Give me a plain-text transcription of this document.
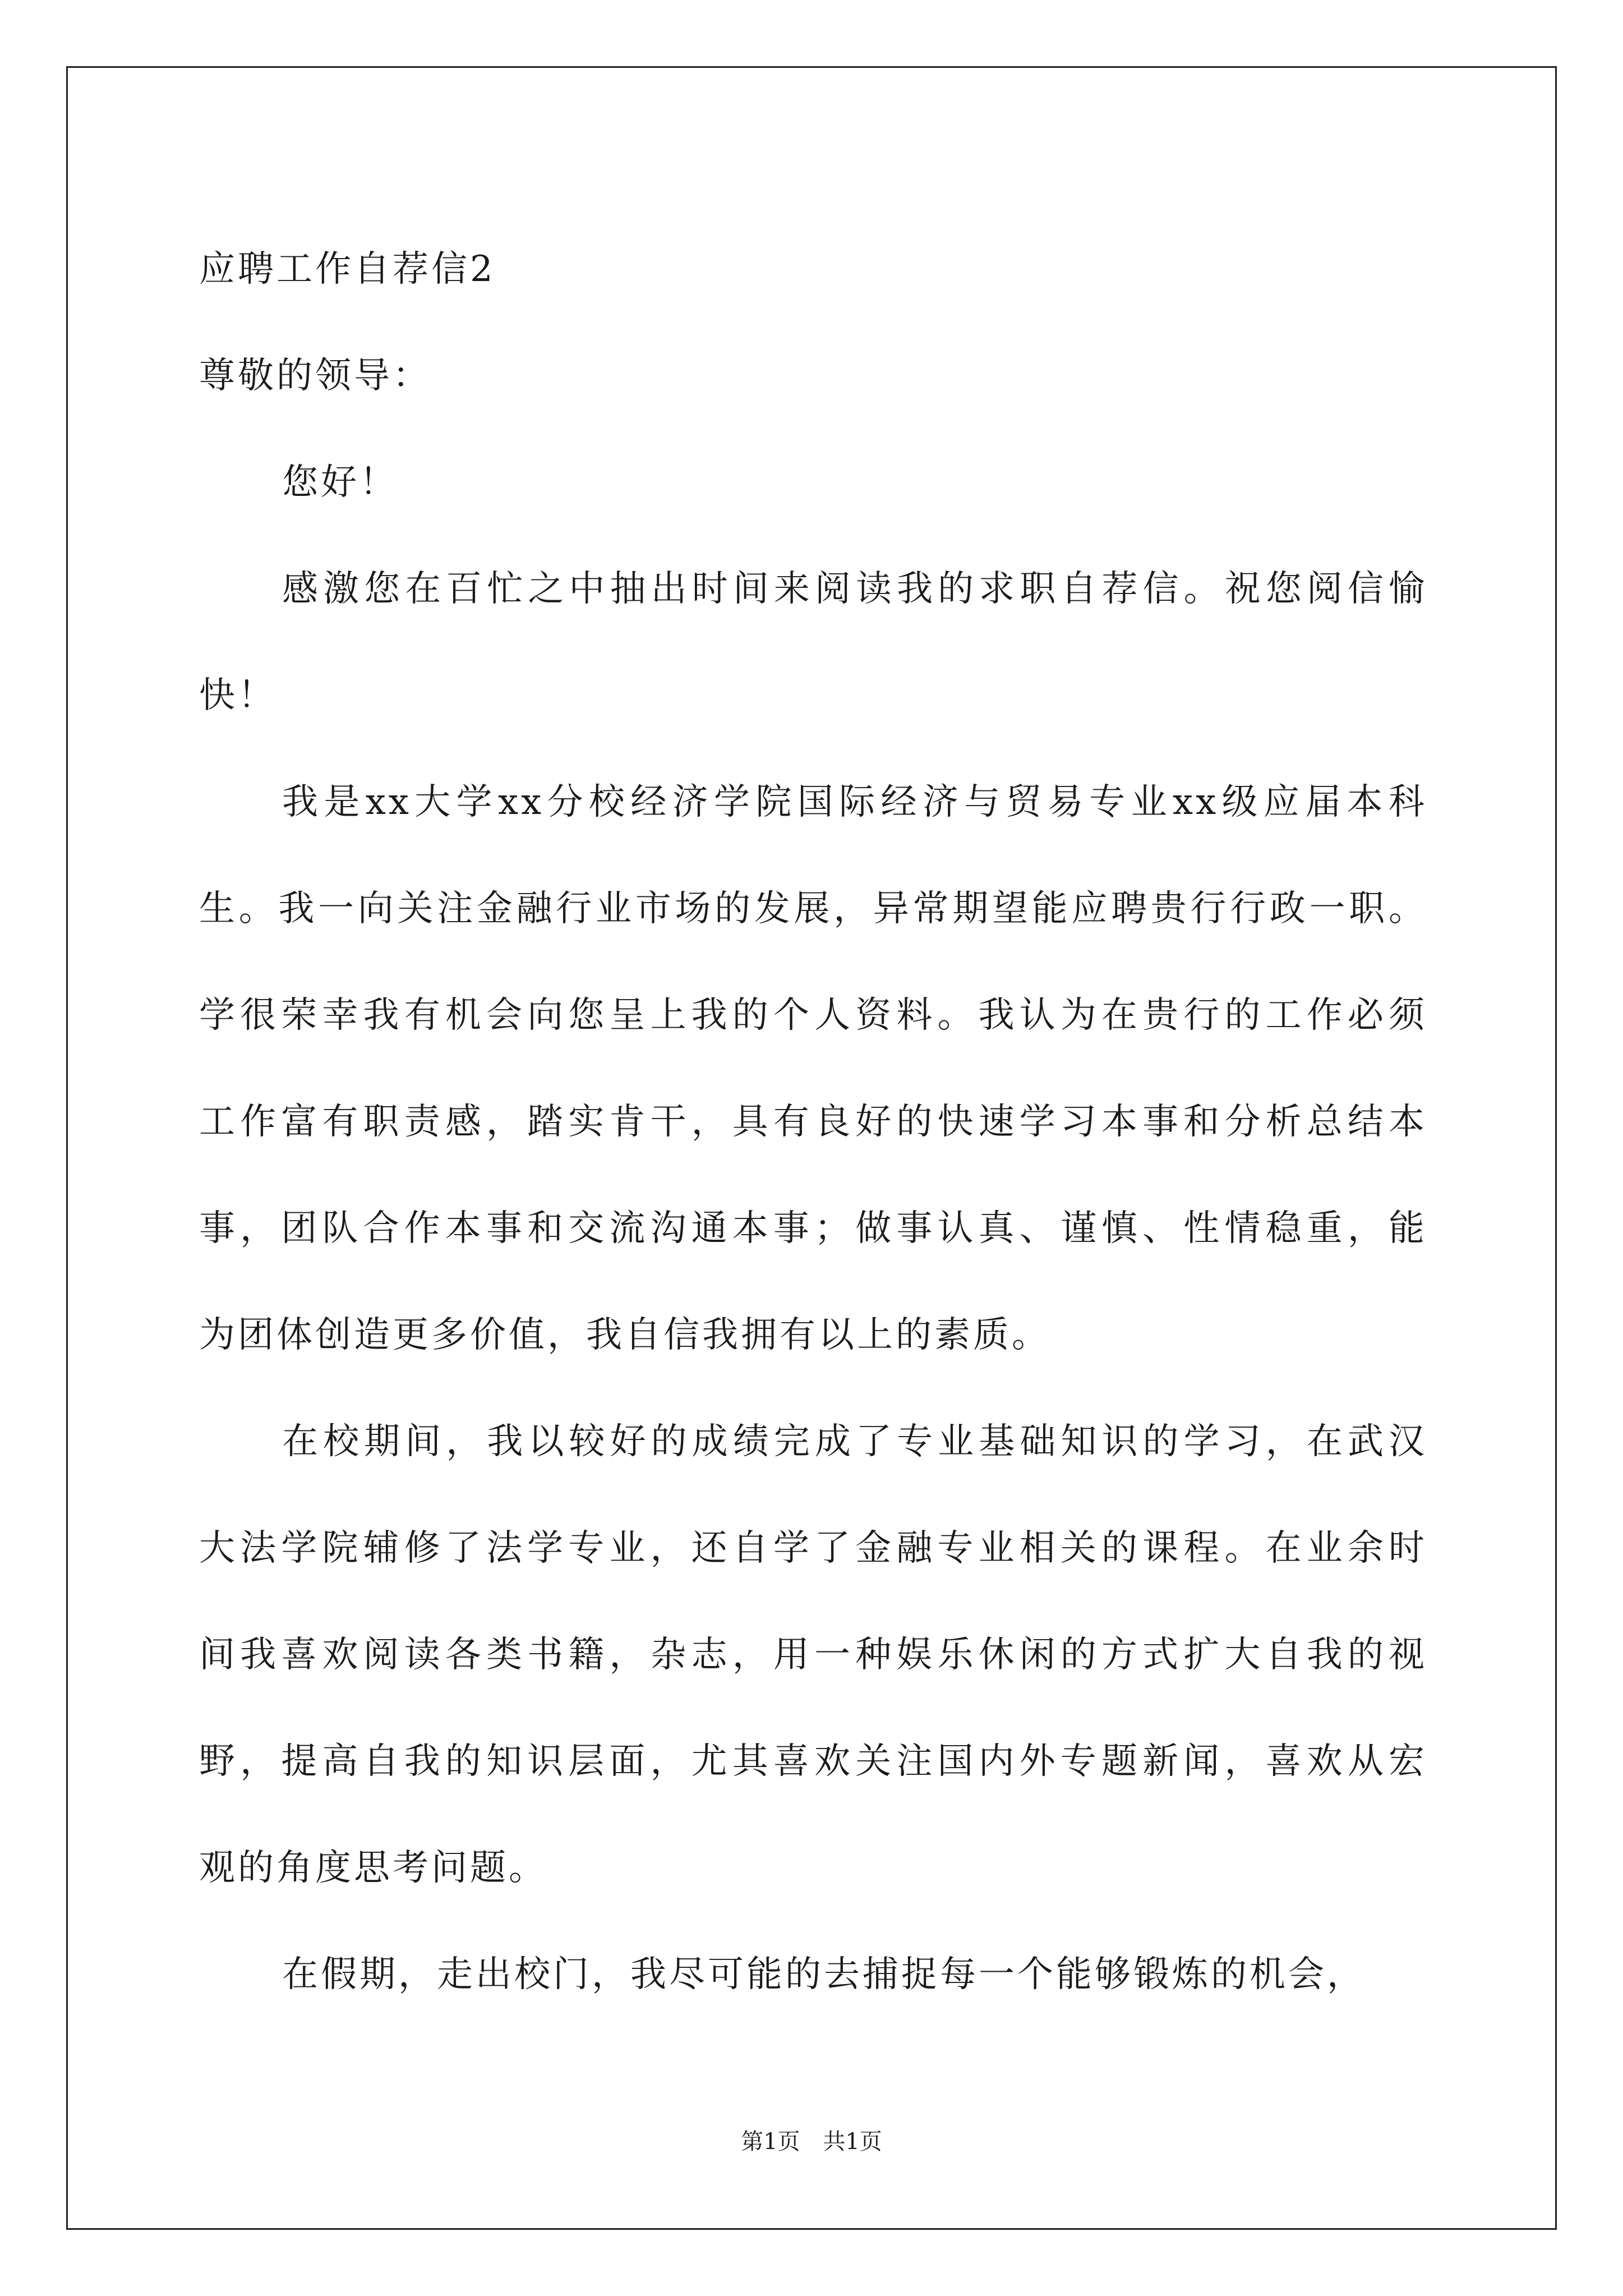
应聘工作自荐信2
尊敬的领导：
您好！
感激您在百忙之中抽出时间来阅读我的求职自荐信。祝您阅信愉
快！
我是xx大学xx分校经济学院国际经济与贸易专业xx级应届本科
生。我一向关注金融行业市场的发展，异常期望能应聘贵行行政一职。
学很荣幸我有机会向您呈上我的个人资料。我认为在贵行的工作必须
工作富有职责感，踏实肯干，具有良好的快速学习本事和分析总结本
事，团队合作本事和交流沟通本事；做事认真、谨慎、性情稳重，能
为团体创造更多价值，我自信我拥有以上的素质。
在校期间，我以较好的成绩完成了专业基础知识的学习，在武汉
大法学院辅修了法学专业，还自学了金融专业相关的课程。在业余时
间我喜欢阅读各类书籍，杂志，用一种娱乐休闲的方式扩大自我的视
野，提高自我的知识层面，尤其喜欢关注国内外专题新闻，喜欢从宏
观的角度思考问题。
在假期，走出校门，我尽可能的去捕捉每一个能够锻炼的机会，
第1页 共1页
